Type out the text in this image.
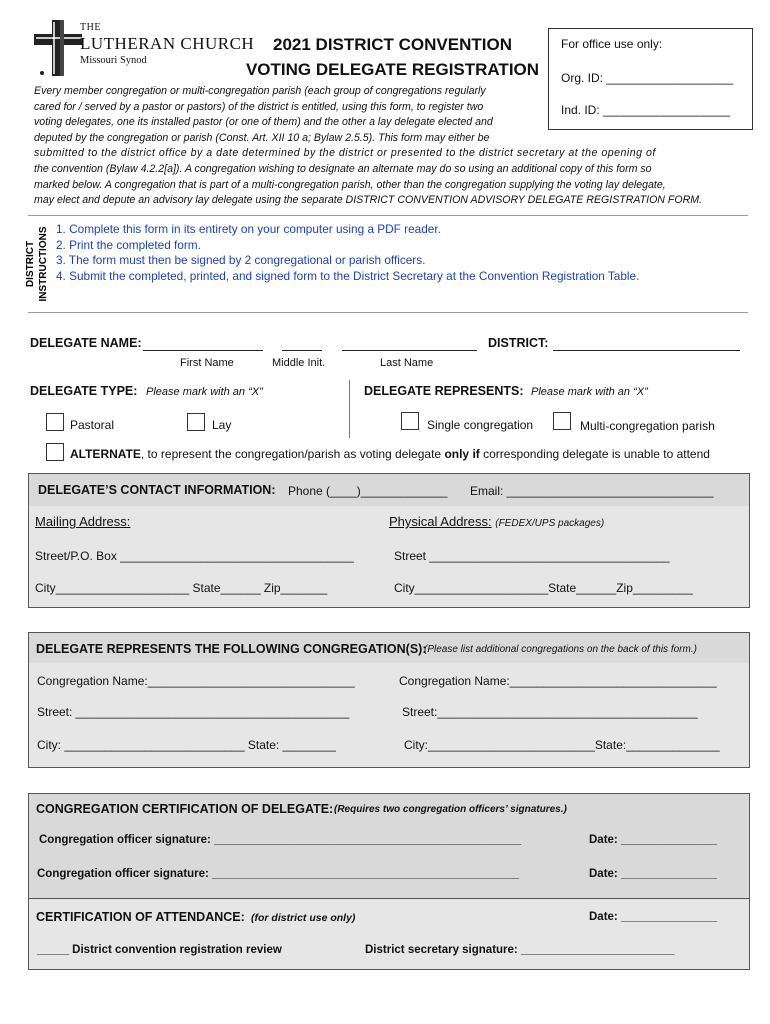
THE
LUTHERAN CHURCH
Missouri Synod
2021 DISTRICT CONVENTION
VOTING DELEGATE REGISTRATION
For office use only:
Org. ID: ___________________
Ind. ID: ___________________

Every member congregation or multi-congregation parish (each group of congregations regularly

cared for / served by a pastor or pastors) of the district is entitled, using this form, to register two

voting delegates, one its installed pastor (or one of them) and the other a lay delegate elected and

deputed by the congregation or parish (Const. Art. XII 10 a; Bylaw 2.5.5). This form may either be

submitted to the district office by a date determined by the district or presented to the district secretary at the opening of

the convention (Bylaw 4.2.2[a]). A congregation wishing to designate an alternate may do so using an additional copy of this form so

marked below. A congregation that is part of a multi-congregation parish, other than the congregation supplying the voting lay delegate,

may elect and depute an advisory lay delegate using the separate DISTRICT CONVENTION ADVISORY DELEGATE REGISTRATION FORM.

DISTRICT INSTRUCTIONS 1. Complete this form in its entirety on your computer using a PDF reader.
2. Print the completed form.
3. The form must then be signed by 2 congregational or parish officers.
4. Submit the completed, printed, and signed form to the District Secretary at the Convention Registration Table.
DELEGATE NAME:	DISTRICT:
First Name	Middle Init.	Last Name
DELEGATE TYPE: Please mark with an “X”	DELEGATE REPRESENTS: Please mark with an “X”
Pastoral	Lay	Single congregation	Multi-congregation parish
ALTERNATE, to represent the congregation/parish as voting delegate only if corresponding delegate is unable to attend
DELEGATE’S CONTACT INFORMATION: Phone (____)_____________ Email: _______________________________
Mailing Address:	Physical Address: (FEDEX/UPS packages)
Street/P.O. Box ___________________________________	Street ____________________________________
City____________________ State______ Zip_______	City____________________State______Zip_________
DELEGATE REPRESENTS THE FOLLOWING CONGREGATION(S):
(Please list additional congregations on the back of this form.)
Congregation Name:_______________________________	Congregation Name:_______________________________
Street: _________________________________________	Street:_______________________________________
City: ___________________________ State: ________	City:_________________________State:______________
CONGREGATION CERTIFICATION OF DELEGATE: (Requires two congregation officers’ signatures.)
Congregation officer signature: ________________________________________________	Date: _______________
Congregation officer signature: ________________________________________________	Date: _______________
CERTIFICATION OF ATTENDANCE: (for district use only)	Date: _______________
_____ District convention registration review	District secretary signature: ________________________
